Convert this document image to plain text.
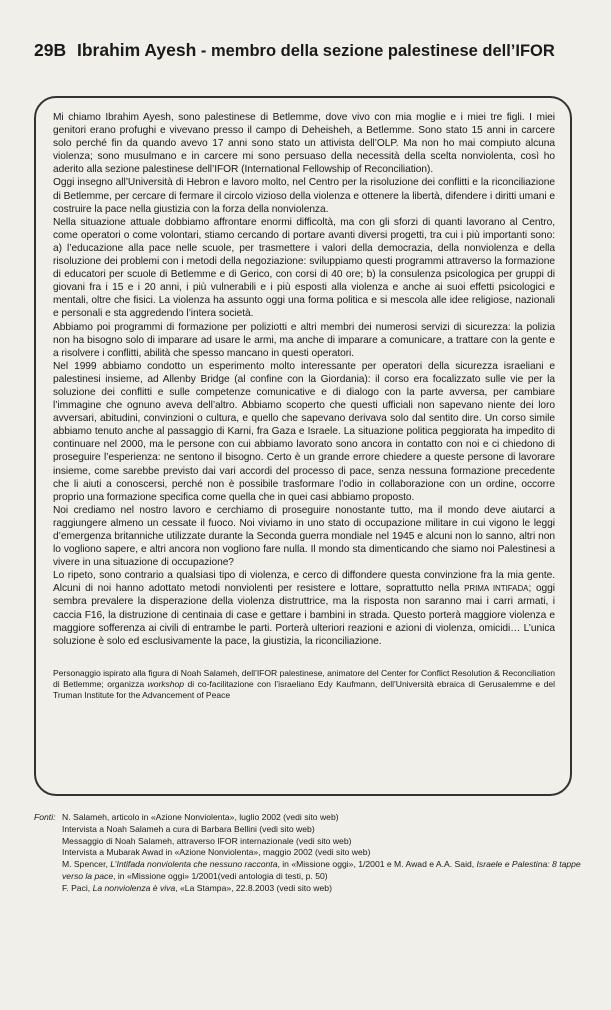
29B Ibrahim Ayesh - membro della sezione palestinese dell’IFOR

Mi chiamo Ibrahim Ayesh, sono palestinese di Betlemme, dove vivo con mia moglie e i miei tre figli. I miei genitori erano profughi e vivevano presso il campo di Deheisheh, a Betlemme. Sono stato 15 anni in carcere solo perché fin da quando avevo 17 anni sono stato un attivista dell’OLP. Ma non ho mai compiuto alcuna violenza; sono musulmano e in carcere mi sono persuaso della necessità della scelta nonviolenta, così ho aderito alla sezione palestinese dell’IFOR (International Fellowship of Reconciliation).

Oggi insegno all’Università di Hebron e lavoro molto, nel Centro per la risoluzione dei conflitti e la riconciliazione di Betlemme, per cercare di fermare il circolo vizioso della violenza e ottenere la libertà, difendere i diritti umani e costruire la pace nella giustizia con la forza della nonviolenza.

Nella situazione attuale dobbiamo affrontare enormi difficoltà, ma con gli sforzi di quanti lavorano al Centro, come operatori o come volontari, stiamo cercando di portare avanti diversi progetti, tra cui i più importanti sono: a) l’educazione alla pace nelle scuole, per trasmettere i valori della democrazia, della nonviolenza e della risoluzione dei problemi con i metodi della negoziazione: sviluppiamo questi programmi attraverso la formazione di educatori per scuole di Betlemme e di Gerico, con corsi di 40 ore; b) la consulenza psicologica per gruppi di giovani fra i 15 e i 20 anni, i più vulnerabili e i più esposti alla violenza e anche ai suoi effetti psicologici e mentali, oltre che fisici. La violenza ha assunto oggi una forma politica e si mescola alle idee religiose, nazionali e personali e sta aggredendo l’intera società.

Abbiamo poi programmi di formazione per poliziotti e altri membri dei numerosi servizi di sicurezza: la polizia non ha bisogno solo di imparare ad usare le armi, ma anche di imparare a comunicare, a trattare con la gente e a risolvere i conflitti, abilità che spesso mancano in questi operatori.

Nel 1999 abbiamo condotto un esperimento molto interessante per operatori della sicurezza israeliani e palestinesi insieme, ad Allenby Bridge (al confine con la Giordania): il corso era focalizzato sulle vie per la soluzione dei conflitti e sulle competenze comunicative e di dialogo con la parte avversa, per cambiare l’immagine che ognuno aveva dell’altro. Abbiamo scoperto che questi ufficiali non sapevano niente dei loro avversari, abitudini, convinzioni o cultura, e quello che sapevano derivava solo dal sentito dire. Un corso simile abbiamo tenuto anche al passaggio di Karni, fra Gaza e Israele. La situazione politica peggiorata ha impedito di continuare nel 2000, ma le persone con cui abbiamo lavorato sono ancora in contatto con noi e ci chiedono di proseguire l’esperienza: ne sentono il bisogno. Certo è un grande errore chiedere a queste persone di lavorare insieme, come sarebbe previsto dai vari accordi del processo di pace, senza nessuna formazione precedente che li aiuti a conoscersi, perché non è possibile trasformare l’odio in collaborazione con un ordine, occorre proprio una formazione specifica come quella che in quei casi abbiamo proposto.

Noi crediamo nel nostro lavoro e cerchiamo di proseguire nonostante tutto, ma il mondo deve aiutarci a raggiungere almeno un cessate il fuoco. Noi viviamo in uno stato di occupazione militare in cui vigono le leggi d’emergenza britanniche utilizzate durante la Seconda guerra mondiale nel 1945 e alcuni non lo sanno, altri non lo vogliono sapere, e altri ancora non vogliono fare nulla. Il mondo sta dimenticando che siamo noi Palestinesi a vivere in una situazione di occupazione?

Lo ripeto, sono contrario a qualsiasi tipo di violenza, e cerco di diffondere questa convinzione fra la mia gente. Alcuni di noi hanno adottato metodi nonviolenti per resistere e lottare, soprattutto nella PRIMA INTIFADA; oggi sembra prevalere la disperazione della violenza distruttrice, ma la risposta non saranno mai i carri armati, i caccia F16, la distruzione di centinaia di case e gettare i bambini in strada. Questo porterà maggiore violenza e maggiore sofferenza ai civili di entrambe le parti. Porterà ulteriori reazioni e azioni di violenza, omicidi… L’unica soluzione è solo ed esclusivamente la pace, la giustizia, la riconciliazione.

Personaggio ispirato alla figura di Noah Salameh, dell’IFOR palestinese, animatore del Center for Conflict Resolution & Reconciliation di Betlemme; organizza workshop di co-facilitazione con l’israeliano Edy Kaufmann, dell’Università ebraica di Gerusalemme e del Truman Institute for the Advancement of Peace

Fonti: N. Salameh, articolo in «Azione Nonviolenta», luglio 2002 (vedi sito web)
Intervista a Noah Salameh a cura di Barbara Bellini (vedi sito web)
Messaggio di Noah Salameh, attraverso IFOR internazionale (vedi sito web)
Intervista a Mubarak Awad in «Azione Nonviolenta», maggio 2002 (vedi sito web)
M. Spencer, L’Intifada nonviolenta che nessuno racconta, in «Missione oggi», 1/2001 e M. Awad e A.A. Said, Israele e Palestina: 8 tappe verso la pace, in «Missione oggi» 1/2001(vedi antologia di testi, p. 50)
F. Paci, La nonviolenza è viva, «La Stampa», 22.8.2003 (vedi sito web)
